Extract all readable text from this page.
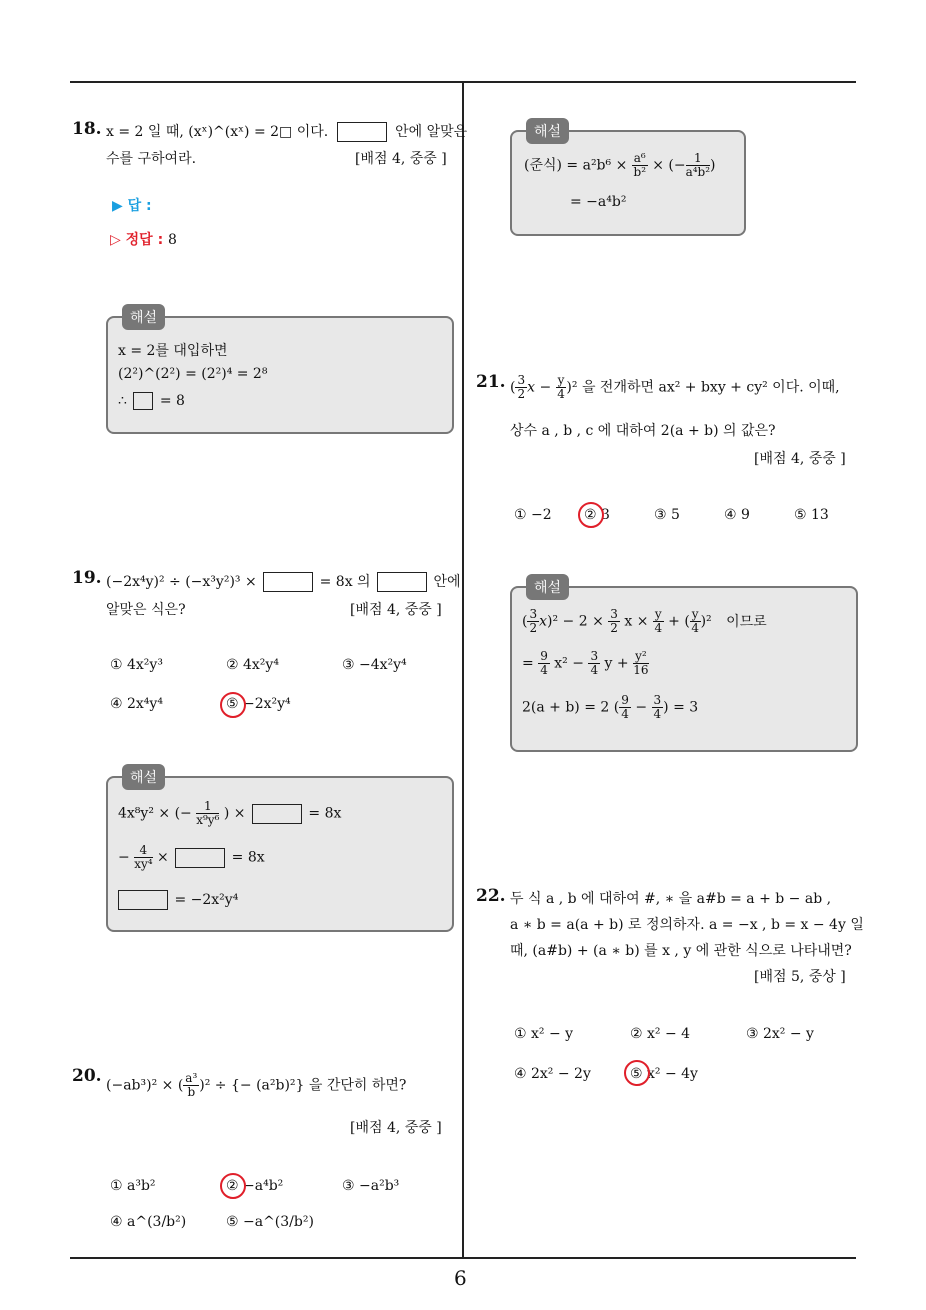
18. x = 2 일 때, (xˣ)^(xˣ) = 2□ 이다.	안에 알맞은
수를 구하여라.	[배점 4, 중중 ]
▶ 답 :
▷ 정답 : 8
해설
x = 2를 대입하면
(2²)^(2²) = (2²)⁴ = 2⁸
∴ = 8
19. (−2x⁴y)² ÷ (−x³y²)³ ×	= 8x 의	안에
알맞은 식은?	[배점 4, 중중 ]
① 4x²y³	② 4x²y⁴	③ −4x²y⁴
④ 2x⁴y⁴	⑤ −2x²y⁴
해설
4x⁸y² × (− $\frac{1}{\text{x⁹y⁶}}$ ) ×	= 8x
− $\frac{4}{\text{xy⁴}}$ ×	= 8x
= −2x²y⁴
20. (−ab³)² × ( $\frac{\text{a³}}{b} )^2$ ÷ {− (a²b)²} 을 간단히 하면?
[배점 4, 중중 ]
① a³b²	② −a⁴b²	③ −a²b³
④ a^(3/b²)	⑤ −a^(3/b²)
해설
(준식) = $a^2b^6 \times \frac{\text{a⁶}}{\text{b²}}$ × (− $\frac{1}{\text{a⁴b²}}$ )
= −a⁴b²
21. ( $\frac{3}{2}$ $x - \frac{y}{4} )^2$ 을 전개하면 ax² + bxy + cy² 이다. 이때,
상수 a , b , c 에 대하여 2(a + b) 의 값은?
[배점 4, 중중 ]
① −2 ② 3	③ 5	④ 9	⑤ 13
해설
( $\frac{3}{2} x)^2 - 2 \times \frac{3}{2}$ $x \times \frac{y}{4}$ + ( $\frac{y}{4} )^2$ 이므로
= $\frac{9}{4} x^2 - \frac{3}{4}$ $y + \frac{\text{y²}}{16}$
2(a + b) = 2 ( $\frac{9}{4} - \frac{3}{4}$ ) = 3
22. 두 식 a , b 에 대하여 #, ∗ 을 a#b = a + b − ab ,
a ∗ b = a(a + b) 로 정의하자. a = −x , b = x − 4y 일
때, (a#b) + (a ∗ b) 를 x , y 에 관한 식으로 나타내면?
[배점 5, 중상 ]
① x² − y	② x² − 4	③ 2x² − y
④ 2x² − 2y	⑤ x² − 4y
6
